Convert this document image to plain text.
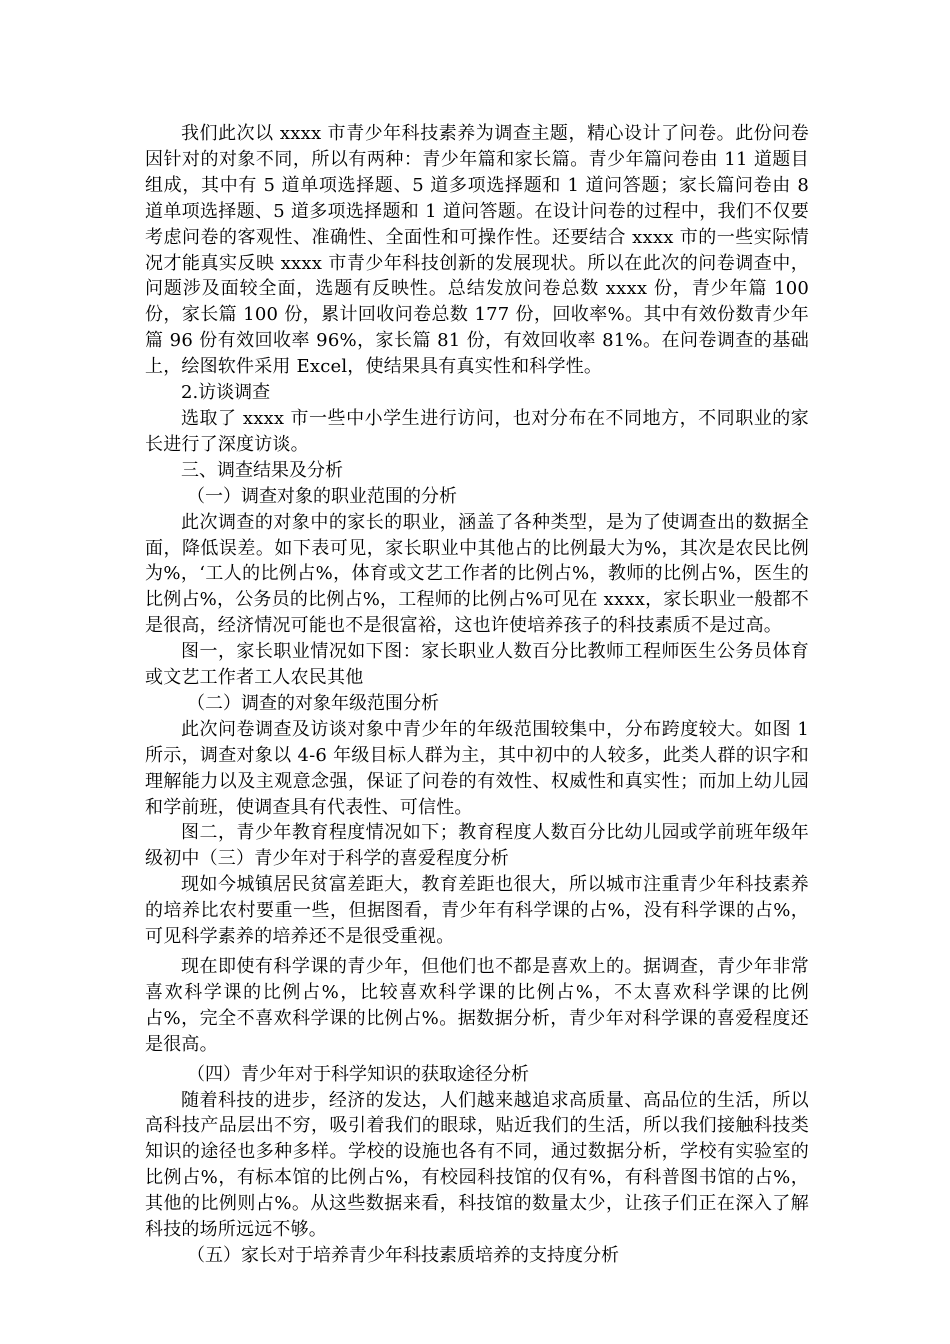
我们此次以 xxxx 市青少年科技素养为调查主题，精心设计了问卷。此份问卷因针对的对象不同，所以有两种：青少年篇和家长篇。青少年篇问卷由 11 道题目组成，其中有 5 道单项选择题、5 道多项选择题和 1 道问答题；家长篇问卷由 8 道单项选择题、5 道多项选择题和 1 道问答题。在设计问卷的过程中，我们不仅要考虑问卷的客观性、准确性、全面性和可操作性。还要结合 xxxx 市的一些实际情况才能真实反映 xxxx 市青少年科技创新的发展现状。所以在此次的问卷调查中，问题涉及面较全面，选题有反映性。总结发放问卷总数 xxxx 份，青少年篇 100 份，家长篇 100 份，累计回收问卷总数 177 份，回收率%。其中有效份数青少年篇 96 份有效回收率 96%，家长篇 81 份，有效回收率 81%。在问卷调查的基础上，绘图软件采用 Excel，使结果具有真实性和科学性。

2.访谈调查

选取了 xxxx 市一些中小学生进行访问，也对分布在不同地方，不同职业的家长进行了深度访谈。

三、调查结果及分析

（一）调查对象的职业范围的分析

此次调查的对象中的家长的职业，涵盖了各种类型，是为了使调查出的数据全面，降低误差。如下表可见，家长职业中其他占的比例最大为%，其次是农民比例为%，‘工人的比例占%，体育或文艺工作者的比例占%，教师的比例占%，医生的比例占%，公务员的比例占%，工程师的比例占%可见在 xxxx，家长职业一般都不是很高，经济情况可能也不是很富裕，这也许使培养孩子的科技素质不是过高。

图一，家长职业情况如下图：家长职业人数百分比教师工程师医生公务员体育或文艺工作者工人农民其他

（二）调查的对象年级范围分析

此次问卷调查及访谈对象中青少年的年级范围较集中，分布跨度较大。如图 1 所示，调查对象以 4-6 年级目标人群为主，其中初中的人较多，此类人群的识字和理解能力以及主观意念强，保证了问卷的有效性、权威性和真实性；而加上幼儿园和学前班，使调查具有代表性、可信性。

图二，青少年教育程度情况如下；教育程度人数百分比幼儿园或学前班年级年级初中（三）青少年对于科学的喜爱程度分析

现如今城镇居民贫富差距大，教育差距也很大，所以城市注重青少年科技素养的培养比农村要重一些，但据图看，青少年有科学课的占%，没有科学课的占%，可见科学素养的培养还不是很受重视。

现在即使有科学课的青少年，但他们也不都是喜欢上的。据调查，青少年非常喜欢科学课的比例占%，比较喜欢科学课的比例占%，不太喜欢科学课的比例占%，完全不喜欢科学课的比例占%。据数据分析，青少年对科学课的喜爱程度还是很高。

（四）青少年对于科学知识的获取途径分析

随着科技的进步，经济的发达，人们越来越追求高质量、高品位的生活，所以高科技产品层出不穷，吸引着我们的眼球，贴近我们的生活，所以我们接触科技类知识的途径也多种多样。学校的设施也各有不同，通过数据分析，学校有实验室的比例占%，有标本馆的比例占%，有校园科技馆的仅有%，有科普图书馆的占%，其他的比例则占%。从这些数据来看，科技馆的数量太少，让孩子们正在深入了解科技的场所远远不够。

（五）家长对于培养青少年科技素质培养的支持度分析
